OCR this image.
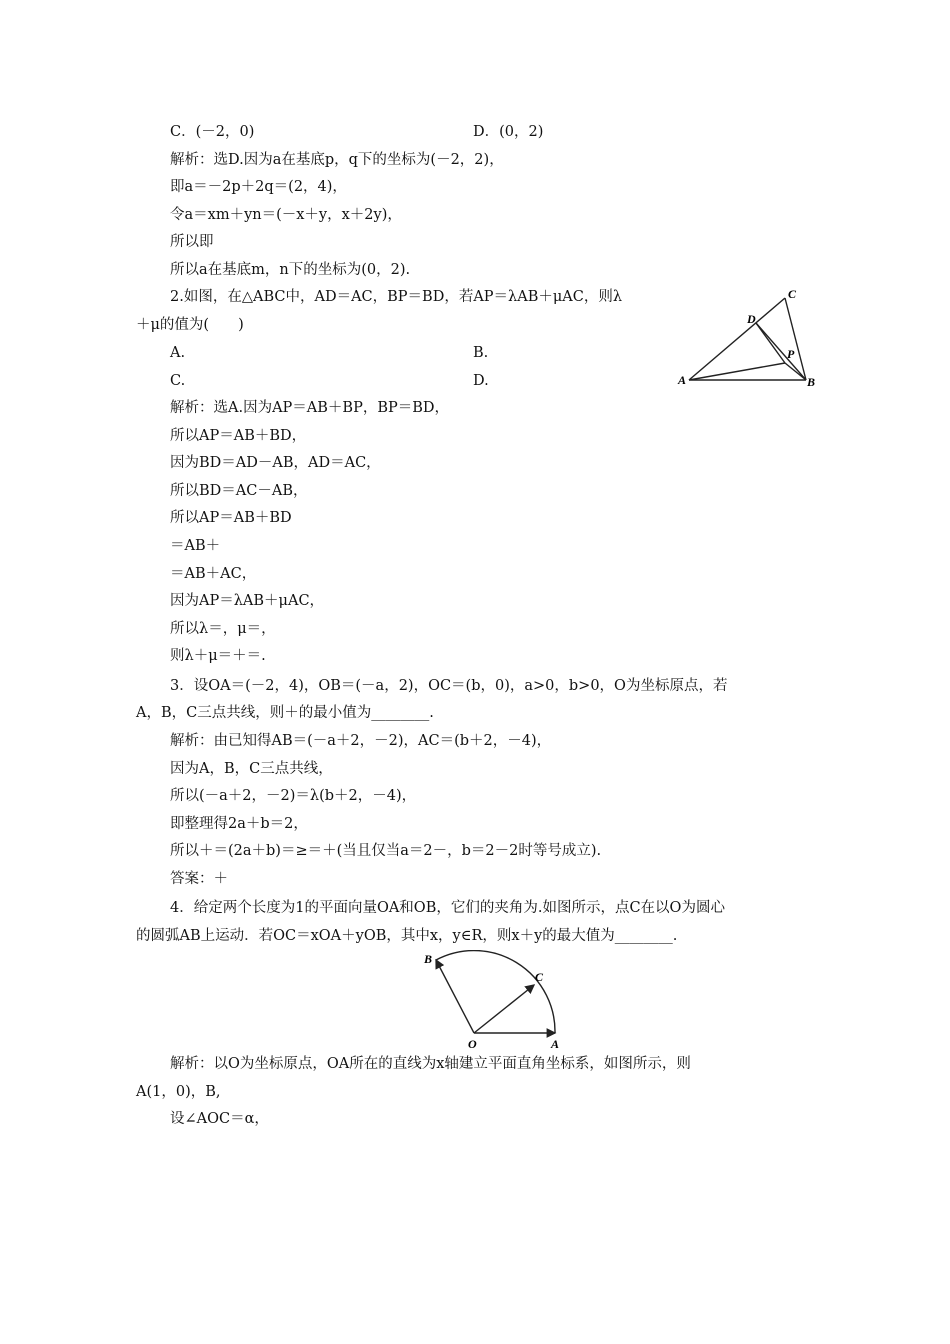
C．(－2，0)	D．(0，2)
解析：选D.因为a在基底p，q下的坐标为(－2，2)，
即a＝－2p＋2q＝(2，4)，
令a＝xm＋yn＝(－x＋y，x＋2y)，
所以即
所以a在基底m，n下的坐标为(0，2).
2.如图，在△ABC中，AD＝AC，BP＝BD，若AP＝λAB＋μAC，则λ
＋μ的值为(　　)
A.	B.
C.	D.
解析：选A.因为AP＝AB＋BP，BP＝BD，
所以AP＝AB＋BD，
因为BD＝AD－AB，AD＝AC，
所以BD＝AC－AB，
所以AP＝AB＋BD
＝AB＋
＝AB＋AC，
因为AP＝λAB＋μAC，
所以λ＝，μ＝，
则λ＋μ＝＋＝.
3．设OA＝(－2，4)，OB＝(－a，2)，OC＝(b，0)，a>0，b>0，O为坐标原点，若
A，B，C三点共线，则＋的最小值为________.
解析：由已知得AB＝(－a＋2，－2)，AC＝(b＋2，－4)，
因为A，B，C三点共线，
所以(－a＋2，－2)＝λ(b＋2，－4)，
即整理得2a＋b＝2，
所以＋＝(2a＋b)＝≥＝＋(当且仅当a＝2－，b＝2－2时等号成立).
答案：＋
4．给定两个长度为1的平面向量OA和OB，它们的夹角为.如图所示，点C在以O为圆心
的圆弧AB上运动．若OC＝xOA＋yOB，其中x，y∈R，则x＋y的最大值为________.
解析：以O为坐标原点，OA所在的直线为x轴建立平面直角坐标系，如图所示，则
A(1，0)，B,
设∠AOC＝α，
C
D
P
A	B
B
C
O	A
